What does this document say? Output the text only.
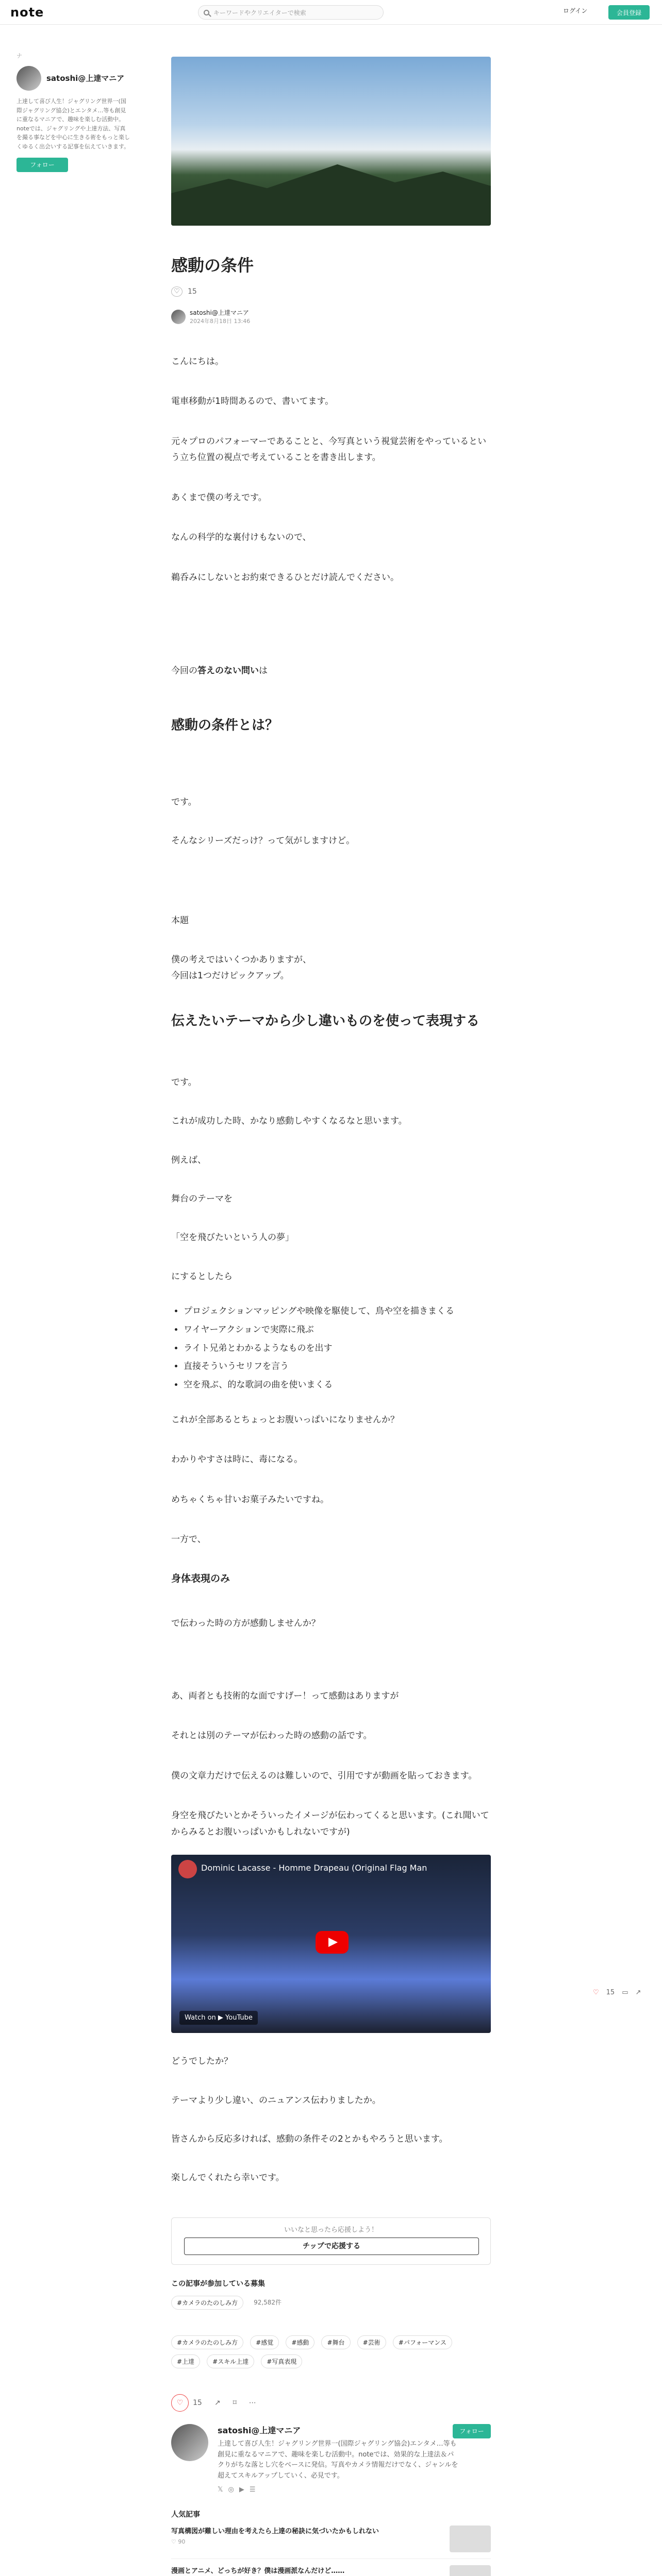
note	キーワードやクリエイターで検索	ログイン	会員登録
ナ
satoshi@上達マニア
上達して喜び人生！ジャグリング世界一(国際ジャグリング協会)とエンタメ…等も創見に重なるマニアで、趣味を楽しむ活動中。noteでは、ジャグリングや上達方法、写真を撮る事などを中心に生きる術をもっと楽しくゆるく出会いする記事を伝えていきます。
フォロー
感動の条件
♡	15
satoshi@上達マニア
2024年8月18日 13:46

こんにちは。

電車移動が1時間あるので、書いてます。

元々プロのパフォーマーであることと、今写真という視覚芸術をやっているという立ち位置の視点で考えていることを書き出します。

あくまで僕の考えです。

なんの科学的な裏付けもないので、

鵜呑みにしないとお約束できるひとだけ読んでください。

今回の答えのない問いは

感動の条件とは？

です。

そんなシリーズだっけ？って気がしますけど。

本題

僕の考えではいくつかありますが、

今回は1つだけピックアップ。

伝えたいテーマから少し違いものを使って表現する

です。

これが成功した時、かなり感動しやすくなるなと思います。

例えば、

舞台のテーマを

「空を飛びたいという人の夢」

にするとしたら

• プロジェクションマッピングや映像を駆使して、鳥や空を描きまくる
• ワイヤーアクションで実際に飛ぶ
• ライト兄弟とわかるようなものを出す
• 直接そういうセリフを言う
• 空を飛ぶ、的な歌詞の曲を使いまくる

これが全部あるとちょっとお腹いっぱいになりませんか？

わかりやすさは時に、毒になる。

めちゃくちゃ甘いお菓子みたいですね。

一方で、

身体表現のみ

で伝わった時の方が感動しませんか？

あ、両者とも技術的な面ですげー！って感動はありますが

それとは別のテーマが伝わった時の感動の話です。

僕の文章力だけで伝えるのは難しいので、引用ですが動画を貼っておきます。

身空を飛びたいとかそういったイメージが伝わってくると思います。(これ聞いてからみるとお腹いっぱいかもしれないですが)

Dominic Lacasse - Homme Drapeau (Original Flag Man
Watch on ▶ YouTube

どうでしたか？

テーマより少し違い、のニュアンス伝わりましたか。

皆さんから反応多ければ、感動の条件その2とかもやろうと思います。

楽しんでくれたら幸いです。

いいなと思ったら応援しよう！
チップで応援する
この記事が参加している募集
#カメラのたのしみ方	92,582件
#カメラのたのしみ方	#感覚	#感動	#舞台	#芸術	#パフォーマンス
#上達	#スキル上達	#写真表現
♡	15 ↗ ⌑ ⋯
satoshi@上達マニア
上達して喜び人生！ジャグリング世界一(国際ジャグリング協会)エンタメ…等も創見に重なるマニアで、趣味を楽しむ活動中。noteでは、効果的な上達法＆パクりがちな落とし穴をベースに発信。写真やカメラ情報だけでなく、ジャンルを超えてスキルアップしていく、必見です。
𝕏 ◎ ▶ ☰
フォロー
人気記事
写真構図が難しい理由を考えたら上達の秘訣に気づいたかもしれない
♡ 90
漫画とアニメ、どっちが好き？僕は漫画派なんだけど……
♡ 15 ▭ ↗
